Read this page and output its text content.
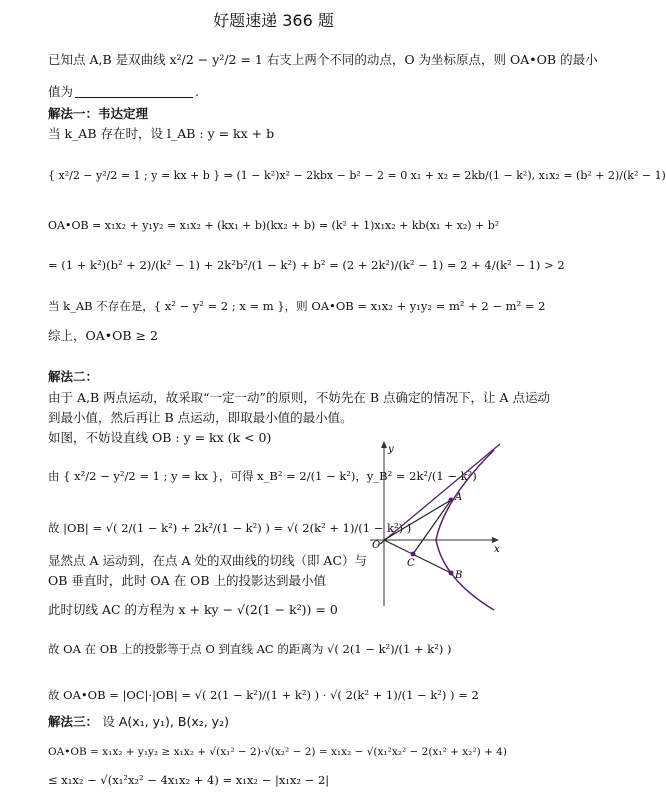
好题速递 366 题
已知点 A,B 是双曲线 x²/2 − y²/2 = 1 右支上两个不同的动点，O 为坐标原点，则 OA•OB 的最小
值为	.
解法一：韦达定理
当 k_AB 存在时，设 l_AB : y = kx + b
{ x²/2 − y²/2 = 1 ; y = kx + b } ⇒ (1 − k²)x² − 2kbx − b² − 2 = 0 x₁ + x₂ = 2kb/(1 − k²), x₁x₂ = (b² + 2)/(k² − 1)
OA•OB = x₁x₂ + y₁y₂ = x₁x₂ + (kx₁ + b)(kx₂ + b) = (k² + 1)x₁x₂ + kb(x₁ + x₂) + b²
= (1 + k²)(b² + 2)/(k² − 1) + 2k²b²/(1 − k²) + b² = (2 + 2k²)/(k² − 1) = 2 + 4/(k² − 1) > 2
当 k_AB 不存在是，{ x² − y² = 2 ; x = m }，则 OA•OB = x₁x₂ + y₁y₂ = m² + 2 − m² = 2
综上，OA•OB ≥ 2
解法二：
由于 A,B 两点运动，故采取“一定一动”的原则，不妨先在 B 点确定的情况下，让 A 点运动
到最小值，然后再让 B 点运动，即取最小值的最小值。
如图，不妨设直线 OB : y = kx (k < 0)
由 { x²/2 − y²/2 = 1 ; y = kx }，可得 x_B² = 2/(1 − k²)，y_B² = 2k²/(1 − k²)
故 |OB| = √( 2/(1 − k²) + 2k²/(1 − k²) ) = √( 2(k² + 1)/(1 − k²) )
显然点 A 运动到，在点 A 处的双曲线的切线（即 AC）与
OB 垂直时，此时 OA 在 OB 上的投影达到最小值
此时切线 AC 的方程为 x + ky − √(2(1 − k²)) = 0
故 OA 在 OB 上的投影等于点 O 到直线 AC 的距离为 √( 2(1 − k²)/(1 + k²) )
故 OA•OB = |OC|·|OB| = √( 2(1 − k²)/(1 + k²) ) · √( 2(k² + 1)/(1 − k²) ) = 2
解法三： 设 A(x₁, y₁), B(x₂, y₂)
OA•OB = x₁x₂ + y₁y₂ ≥ x₁x₂ + √(x₁² − 2)·√(x₂² − 2) = x₁x₂ − √(x₁²x₂² − 2(x₁² + x₂²) + 4)
≤ x₁x₂ − √(x₁²x₂² − 4x₁x₂ + 4) = x₁x₂ − |x₁x₂ − 2|
x
y
O
A
B
C
